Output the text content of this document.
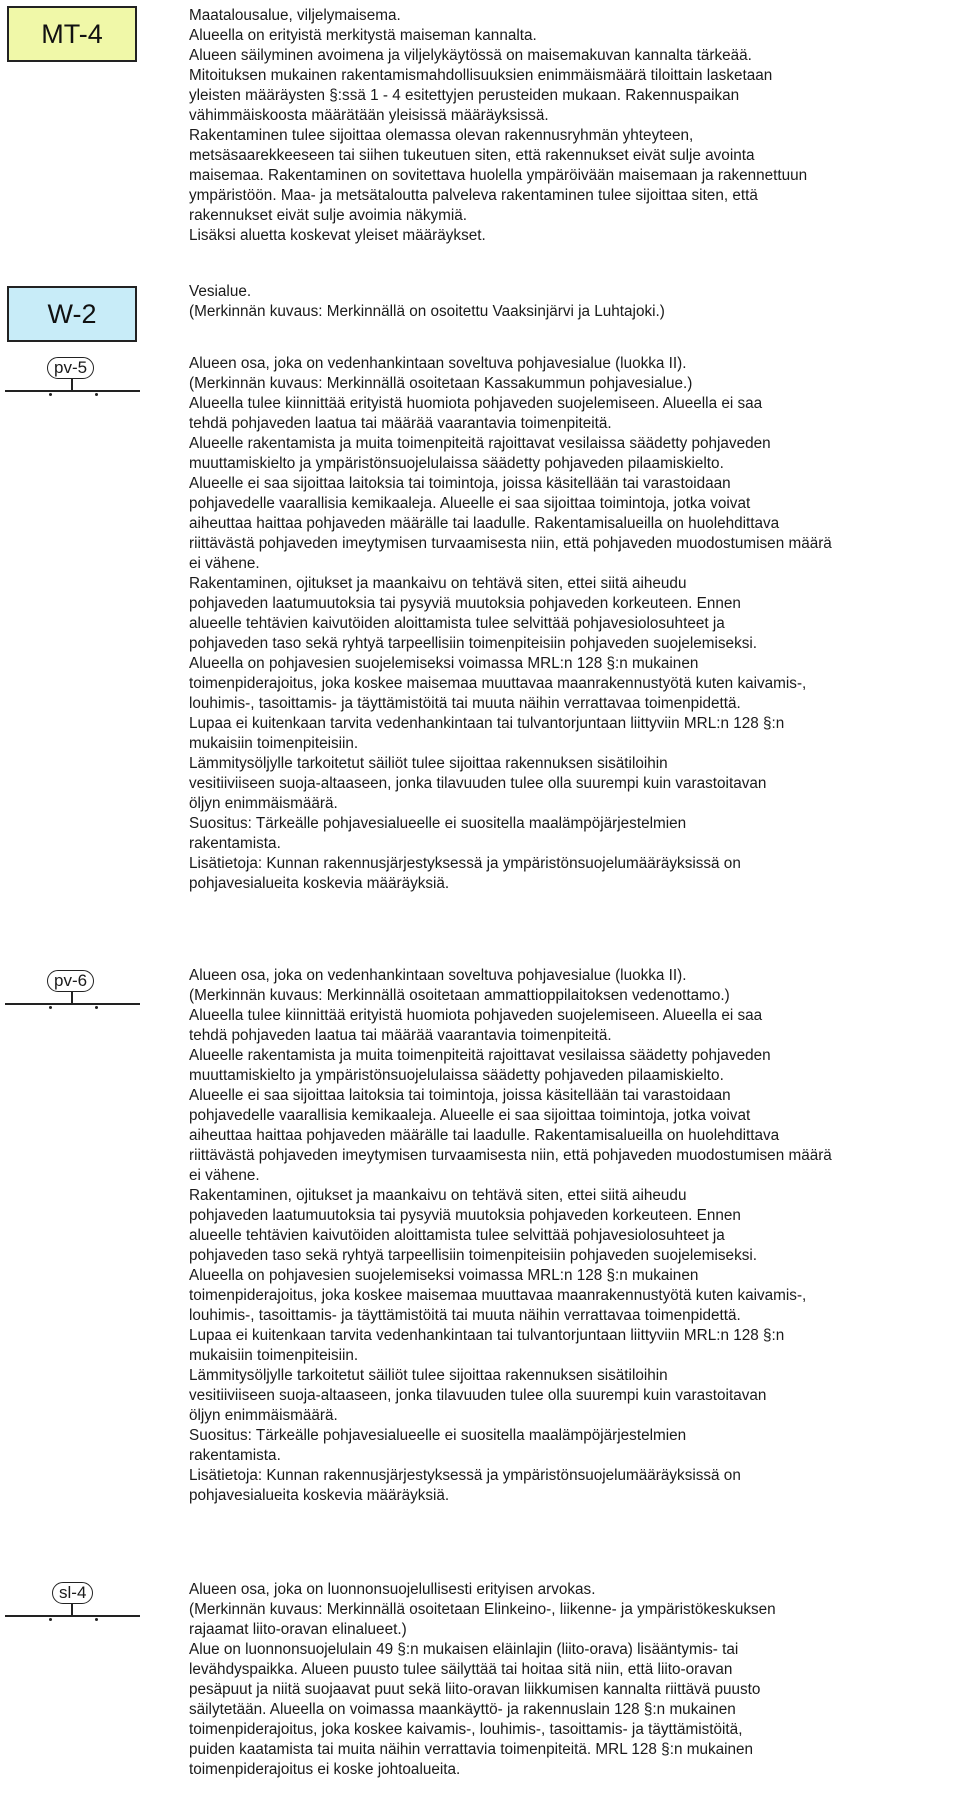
MT-4
Maatalousalue, viljelymaisema.
Alueella on erityistä merkitystä maiseman kannalta.
Alueen säilyminen avoimena ja viljelykäytössä on maisemakuvan kannalta tärkeää.
Mitoituksen mukainen rakentamismahdollisuuksien enimmäismäärä tiloittain lasketaan
yleisten määräysten §:ssä 1 - 4 esitettyjen perusteiden mukaan. Rakennuspaikan
vähimmäiskoosta määrätään yleisissä määräyksissä.
Rakentaminen tulee sijoittaa olemassa olevan rakennusryhmän yhteyteen,
metsäsaarekkeeseen tai siihen tukeutuen siten, että rakennukset eivät sulje avointa
maisemaa. Rakentaminen on sovitettava huolella ympäröivään maisemaan ja rakennettuun
ympäristöön. Maa- ja metsätaloutta palveleva rakentaminen tulee sijoittaa siten, että
rakennukset eivät sulje avoimia näkymiä.
Lisäksi aluetta koskevat yleiset määräykset.
W-2
Vesialue.
(Merkinnän kuvaus: Merkinnällä on osoitettu Vaaksinjärvi ja Luhtajoki.)
pv-5	Alueen osa, joka on vedenhankintaan soveltuva pohjavesialue (luokka II).
(Merkinnän kuvaus: Merkinnällä osoitetaan Kassakummun pohjavesialue.)
Alueella tulee kiinnittää erityistä huomiota pohjaveden suojelemiseen. Alueella ei saa
tehdä pohjaveden laatua tai määrää vaarantavia toimenpiteitä.
Alueelle rakentamista ja muita toimenpiteitä rajoittavat vesilaissa säädetty pohjaveden
muuttamiskielto ja ympäristönsuojelulaissa säädetty pohjaveden pilaamiskielto.
Alueelle ei saa sijoittaa laitoksia tai toimintoja, joissa käsitellään tai varastoidaan
pohjavedelle vaarallisia kemikaaleja. Alueelle ei saa sijoittaa toimintoja, jotka voivat
aiheuttaa haittaa pohjaveden määrälle tai laadulle. Rakentamisalueilla on huolehdittava
riittävästä pohjaveden imeytymisen turvaamisesta niin, että pohjaveden muodostumisen määrä
ei vähene.
Rakentaminen, ojitukset ja maankaivu on tehtävä siten, ettei siitä aiheudu
pohjaveden laatumuutoksia tai pysyviä muutoksia pohjaveden korkeuteen. Ennen
alueelle tehtävien kaivutöiden aloittamista tulee selvittää pohjavesiolosuhteet ja
pohjaveden taso sekä ryhtyä tarpeellisiin toimenpiteisiin pohjaveden suojelemiseksi.
Alueella on pohjavesien suojelemiseksi voimassa MRL:n 128 §:n mukainen
toimenpiderajoitus, joka koskee maisemaa muuttavaa maanrakennustyötä kuten kaivamis-,
louhimis-, tasoittamis- ja täyttämistöitä tai muuta näihin verrattavaa toimenpidettä.
Lupaa ei kuitenkaan tarvita vedenhankintaan tai tulvantorjuntaan liittyviin MRL:n 128 §:n
mukaisiin toimenpiteisiin.
Lämmitysöljylle tarkoitetut säiliöt tulee sijoittaa rakennuksen sisätiloihin
vesitiiviiseen suoja-altaaseen, jonka tilavuuden tulee olla suurempi kuin varastoitavan
öljyn enimmäismäärä.
Suositus: Tärkeälle pohjavesialueelle ei suositella maalämpöjärjestelmien
rakentamista.
Lisätietoja: Kunnan rakennusjärjestyksessä ja ympäristönsuojelumääräyksissä on
pohjavesialueita koskevia määräyksiä.
pv-6	Alueen osa, joka on vedenhankintaan soveltuva pohjavesialue (luokka II).
(Merkinnän kuvaus: Merkinnällä osoitetaan ammattioppilaitoksen vedenottamo.)
Alueella tulee kiinnittää erityistä huomiota pohjaveden suojelemiseen. Alueella ei saa
tehdä pohjaveden laatua tai määrää vaarantavia toimenpiteitä.
Alueelle rakentamista ja muita toimenpiteitä rajoittavat vesilaissa säädetty pohjaveden
muuttamiskielto ja ympäristönsuojelulaissa säädetty pohjaveden pilaamiskielto.
Alueelle ei saa sijoittaa laitoksia tai toimintoja, joissa käsitellään tai varastoidaan
pohjavedelle vaarallisia kemikaaleja. Alueelle ei saa sijoittaa toimintoja, jotka voivat
aiheuttaa haittaa pohjaveden määrälle tai laadulle. Rakentamisalueilla on huolehdittava
riittävästä pohjaveden imeytymisen turvaamisesta niin, että pohjaveden muodostumisen määrä
ei vähene.
Rakentaminen, ojitukset ja maankaivu on tehtävä siten, ettei siitä aiheudu
pohjaveden laatumuutoksia tai pysyviä muutoksia pohjaveden korkeuteen. Ennen
alueelle tehtävien kaivutöiden aloittamista tulee selvittää pohjavesiolosuhteet ja
pohjaveden taso sekä ryhtyä tarpeellisiin toimenpiteisiin pohjaveden suojelemiseksi.
Alueella on pohjavesien suojelemiseksi voimassa MRL:n 128 §:n mukainen
toimenpiderajoitus, joka koskee maisemaa muuttavaa maanrakennustyötä kuten kaivamis-,
louhimis-, tasoittamis- ja täyttämistöitä tai muuta näihin verrattavaa toimenpidettä.
Lupaa ei kuitenkaan tarvita vedenhankintaan tai tulvantorjuntaan liittyviin MRL:n 128 §:n
mukaisiin toimenpiteisiin.
Lämmitysöljylle tarkoitetut säiliöt tulee sijoittaa rakennuksen sisätiloihin
vesitiiviiseen suoja-altaaseen, jonka tilavuuden tulee olla suurempi kuin varastoitavan
öljyn enimmäismäärä.
Suositus: Tärkeälle pohjavesialueelle ei suositella maalämpöjärjestelmien
rakentamista.
Lisätietoja: Kunnan rakennusjärjestyksessä ja ympäristönsuojelumääräyksissä on
pohjavesialueita koskevia määräyksiä.
sl-4	Alueen osa, joka on luonnonsuojelullisesti erityisen arvokas.
(Merkinnän kuvaus: Merkinnällä osoitetaan Elinkeino-, liikenne- ja ympäristökeskuksen
rajaamat liito-oravan elinalueet.)
Alue on luonnonsuojelulain 49 §:n mukaisen eläinlajin (liito-orava) lisääntymis- tai
levähdyspaikka. Alueen puusto tulee säilyttää tai hoitaa sitä niin, että liito-oravan
pesäpuut ja niitä suojaavat puut sekä liito-oravan liikkumisen kannalta riittävä puusto
säilytetään. Alueella on voimassa maankäyttö- ja rakennuslain 128 §:n mukainen
toimenpiderajoitus, joka koskee kaivamis-, louhimis-, tasoittamis- ja täyttämistöitä,
puiden kaatamista tai muita näihin verrattavia toimenpiteitä. MRL 128 §:n mukainen
toimenpiderajoitus ei koske johtoalueita.
